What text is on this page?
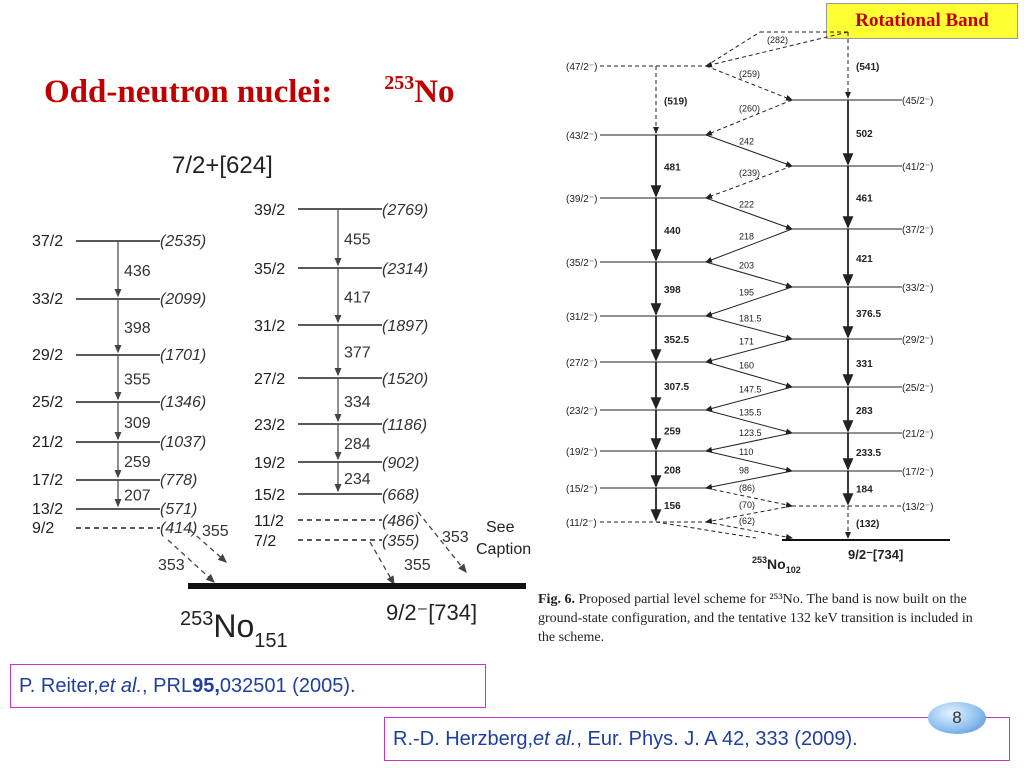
Rotational Band
Odd-neutron nuclei:	$^{253}$No
7/2+[624]
37/2	(2535)
33/2	(2099)
29/2	(1701)
25/2	(1346)
21/2	(1037)
17/2	(778)
13/2	(571)
9/2	(414)
436
398
355
309
259
207
39/2	(2769)
35/2	(2314)
31/2	(1897)
27/2	(1520)
23/2	(1186)
19/2	(902)
15/2	(668)
11/2	(486)
7/2	(355)
455
417
377
334
284
234
355
353
353
355
9/2⁻[734]
$^{253}No_{151}$
See
Caption
(47/2⁻)
(43/2⁻)
(39/2⁻)
(35/2⁻)
(31/2⁻)
(27/2⁻)
(23/2⁻)
(19/2⁻)
(15/2⁻)
(11/2⁻)
(519)
481
440
398
352.5
307.5
259
208
156
(45/2⁻)
(41/2⁻)
(37/2⁻)
(33/2⁻)
(29/2⁻)
(25/2⁻)
(21/2⁻)
(17/2⁻)
(13/2⁻)
(541)
502
461
421
376.5
331
283
233.5
184
(132)
(282)
(260)
(239)
218
195
171
147.5
123.5
98
(70)
(259)
242
222
203
181.5
160
135.5
110
(86)
(62)
9/2⁻[734]
$^{253}No_{102}$
Fig. 6. Proposed partial level scheme for ²⁵³No. The band is now built on the ground-state configuration, and the tentative 132 keV transition is included in the scheme.
P. Reiter, et al. , PRL 95, 032501 (2005).
R.-D. Herzberg, et al. , Eur. Phys. J. A 42, 333 (2009).
8
